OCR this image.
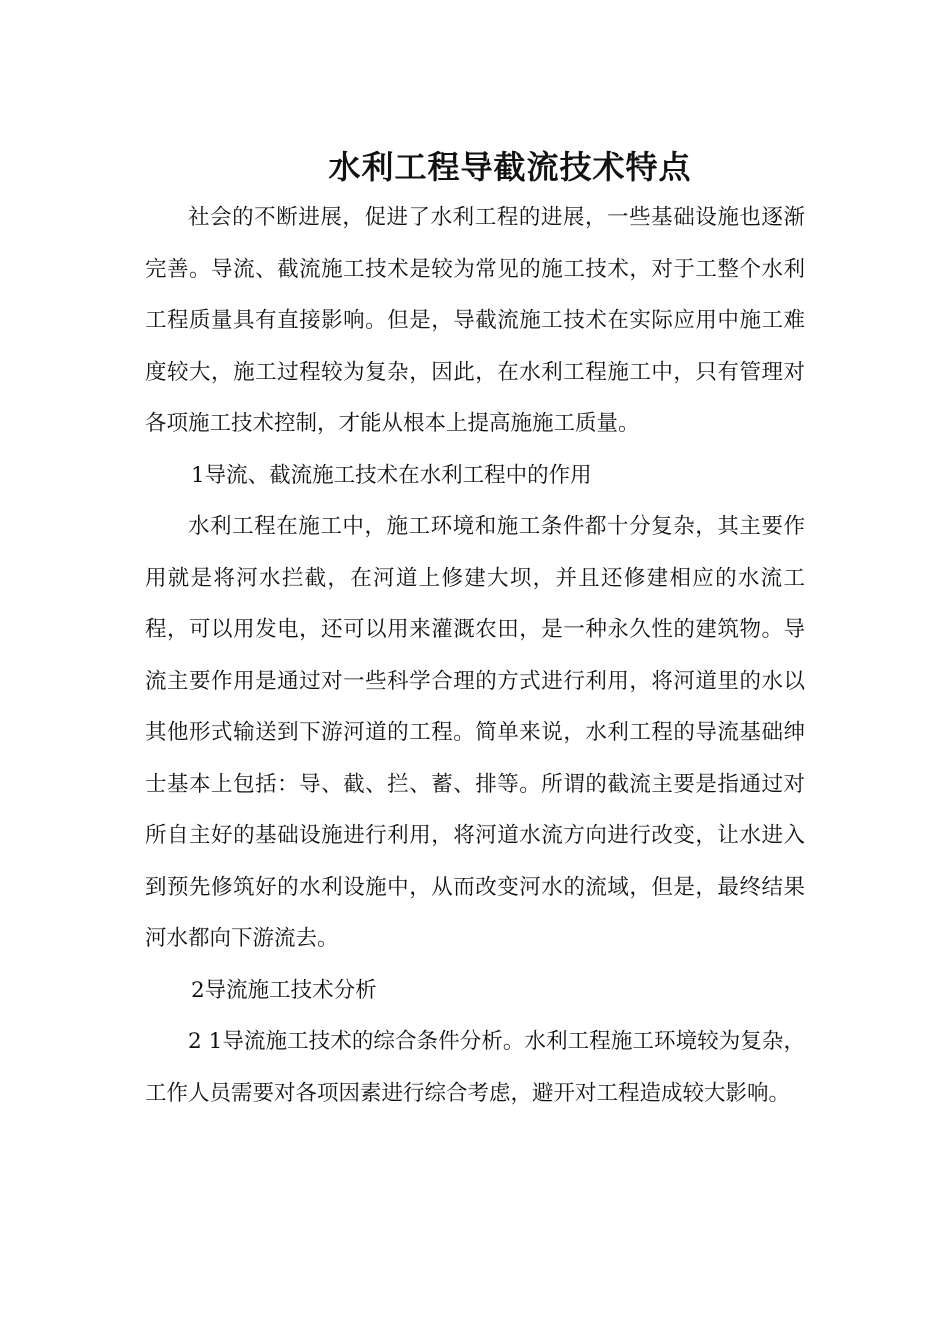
水利工程导截流技术特点

社会的不断进展，促进了水利工程的进展，一些基础设施也逐渐完善。导流、截流施工技术是较为常见的施工技术，对于工整个水利工程质量具有直接影响。但是，导截流施工技术在实际应用中施工难度较大，施工过程较为复杂，因此，在水利工程施工中，只有管理对各项施工技术控制，才能从根本上提高施施工质量。

1导流、截流施工技术在水利工程中的作用

水利工程在施工中，施工环境和施工条件都十分复杂，其主要作用就是将河水拦截，在河道上修建大坝，并且还修建相应的水流工程，可以用发电，还可以用来灌溉农田，是一种永久性的建筑物。导流主要作用是通过对一些科学合理的方式进行利用，将河道里的水以其他形式输送到下游河道的工程。简单来说，水利工程的导流基础绅士基本上包括：导、截、拦、蓄、排等。所谓的截流主要是指通过对所自主好的基础设施进行利用，将河道水流方向进行改变，让水进入到预先修筑好的水利设施中，从而改变河水的流域，但是，最终结果河水都向下游流去。

2导流施工技术分析

2 1导流施工技术的综合条件分析。水利工程施工环境较为复杂，工作人员需要对各项因素进行综合考虑，避开对工程造成较大影响。
